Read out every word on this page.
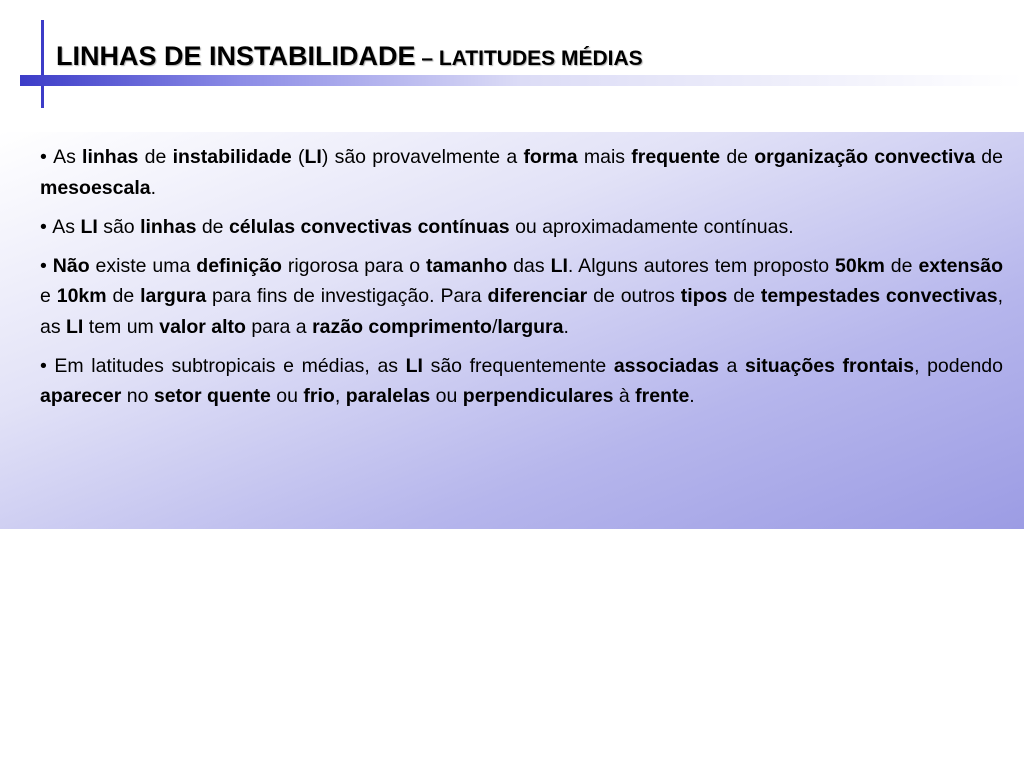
LINHAS DE INSTABILIDADE – LATITUDES MÉDIAS

• As linhas de instabilidade (LI) são provavelmente a forma mais frequente de organização convectiva de mesoescala.

• As LI são linhas de células convectivas contínuas ou aproximadamente contínuas.

• Não existe uma definição rigorosa para o tamanho das LI. Alguns autores tem proposto 50km de extensão e 10km de largura para fins de investigação. Para diferenciar de outros tipos de tempestades convectivas, as LI tem um valor alto para a razão comprimento/largura.

• Em latitudes subtropicais e médias, as LI são frequentemente associadas a situações frontais, podendo aparecer no setor quente ou frio, paralelas ou perpendiculares à frente.
